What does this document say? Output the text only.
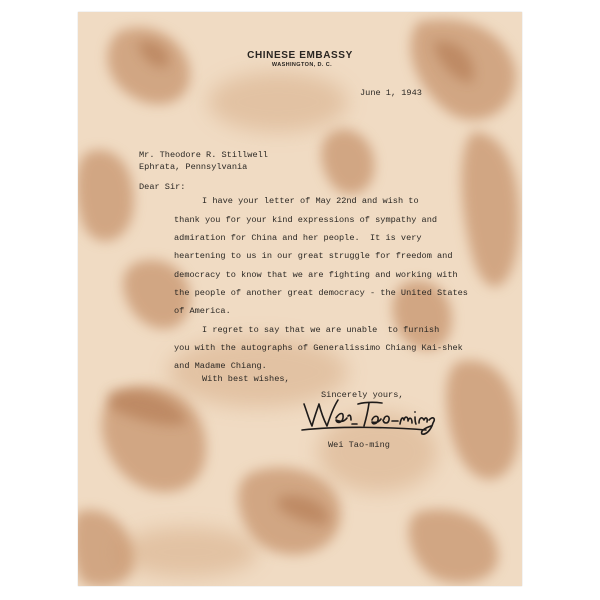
CHINESE EMBASSY
WASHINGTON, D. C.
June 1, 1943
Mr. Theodore R. Stillwell
Ephrata, Pennsylvania
Dear Sir:
I have your letter of May 22nd and wish to
thank you for your kind expressions of sympathy and
admiration for China and her people.  It is very
heartening to us in our great struggle for freedom and
democracy to know that we are fighting and working with
the people of another great democracy - the United States
of America.
I regret to say that we are unable  to furnish
you with the autographs of Generalissimo Chiang Kai-shek
and Madame Chiang.
With best wishes,
Sincerely yours,
Wei Tao-ming
